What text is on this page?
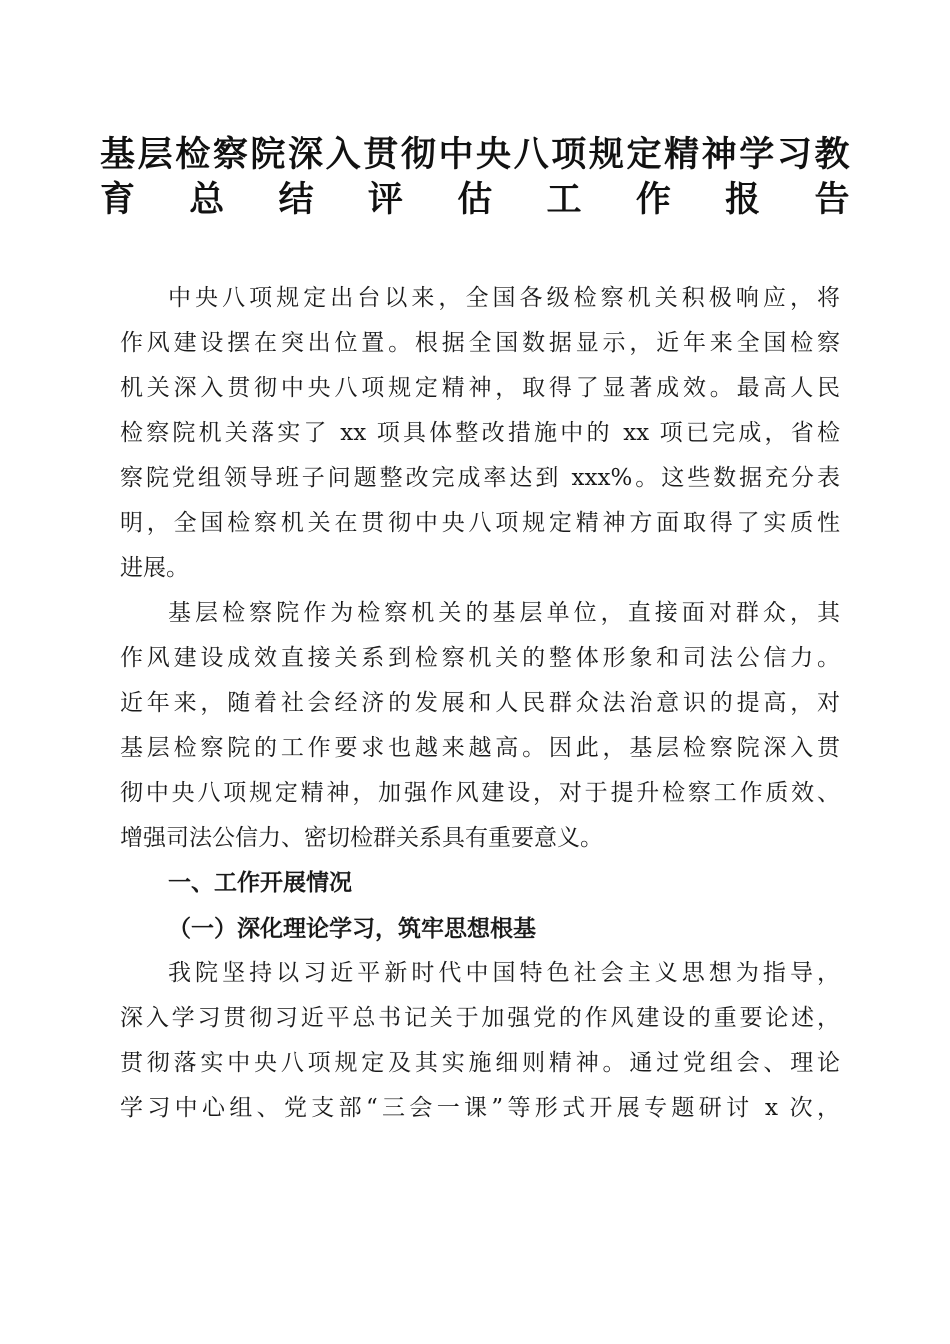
基层检察院深入贯彻中央八项规定精神学习教
育总结评估工作报告
中央八项规定出台以来，全国各级检察机关积极响应，将
作风建设摆在突出位置。根据全国数据显示，近年来全国检察
机关深入贯彻中央八项规定精神，取得了显著成效。最高人民
检察院机关落实了 xx 项具体整改措施中的 xx 项已完成，省检
察院党组领导班子问题整改完成率达到 xxx%。这些数据充分表
明，全国检察机关在贯彻中央八项规定精神方面取得了实质性
进展。
基层检察院作为检察机关的基层单位，直接面对群众，其
作风建设成效直接关系到检察机关的整体形象和司法公信力。
近年来，随着社会经济的发展和人民群众法治意识的提高，对
基层检察院的工作要求也越来越高。因此，基层检察院深入贯
彻中央八项规定精神，加强作风建设，对于提升检察工作质效、
增强司法公信力、密切检群关系具有重要意义。
一、工作开展情况
（一）深化理论学习，筑牢思想根基
我院坚持以习近平新时代中国特色社会主义思想为指导，
深入学习贯彻习近平总书记关于加强党的作风建设的重要论述，
贯彻落实中央八项规定及其实施细则精神。通过党组会、理论
学习中心组、党支部“三会一课”等形式开展专题研讨 x 次，
